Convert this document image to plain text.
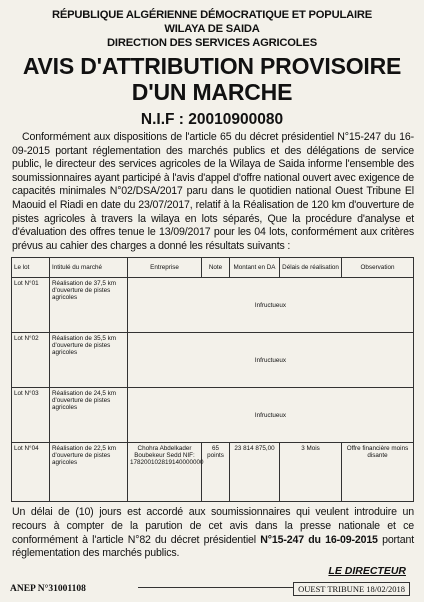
RÉPUBLIQUE ALGÉRIENNE DÉMOCRATIQUE ET POPULAIRE
WILAYA DE SAIDA
DIRECTION DES SERVICES AGRICOLES
AVIS D'ATTRIBUTION PROVISOIRE
D'UN MARCHE
N.I.F : 20010900080
Conformément aux dispositions de l'article 65 du décret présidentiel N°15-247 du 16-09-2015 portant réglementation des marchés publics et des délégations de service public, le directeur des services agricoles de la Wilaya de Saida informe l'ensemble des soumissionnaires ayant participé à l'avis d'appel d'offre national ouvert avec exigence de capacités minimales N°02/DSA/2017 paru dans le quotidien national Ouest Tribune El Maouid el Riadi en date du 23/07/2017, relatif à la Réalisation de 120 km d'ouverture de pistes agricoles à travers la wilaya en lots séparés, Que la procédure d'analyse et d'évaluation des offres tenue le 13/09/2017 pour les 04 lots, conformément aux critères prévus au cahier des charges a donné les résultats suivants :
Le lot	Intitulé du marché	Entreprise	Note	Montant en DA	Délais de réalisation	Observation
Lot N°01	Réalisation de 37,5 km d'ouverture de pistes agricoles	Infructueux				
Lot N°02	Réalisation de 35,5 km d'ouverture de pistes agricoles	Infructueux				
Lot N°03	Réalisation de 24,5 km d'ouverture de pistes agricoles	Infructueux				
Lot N°04	Réalisation de 22,5 km d'ouverture de pistes agricoles	Chohra Abdelkader Boubekeur Sedd NIF: 178200102819140000000	65 points	23 814 875,00	3 Mois	Offre financière moins disante
Un délai de (10) jours est accordé aux soumissionnaires qui veulent introduire un recours à compter de la parution de cet avis dans la presse nationale et ce conformément à l'article N°82 du décret présidentiel N°15-247 du 16-09-2015 portant réglementation des marchés publics.
LE DIRECTEUR
ANEP N°31001108	OUEST TRIBUNE 18/02/2018
